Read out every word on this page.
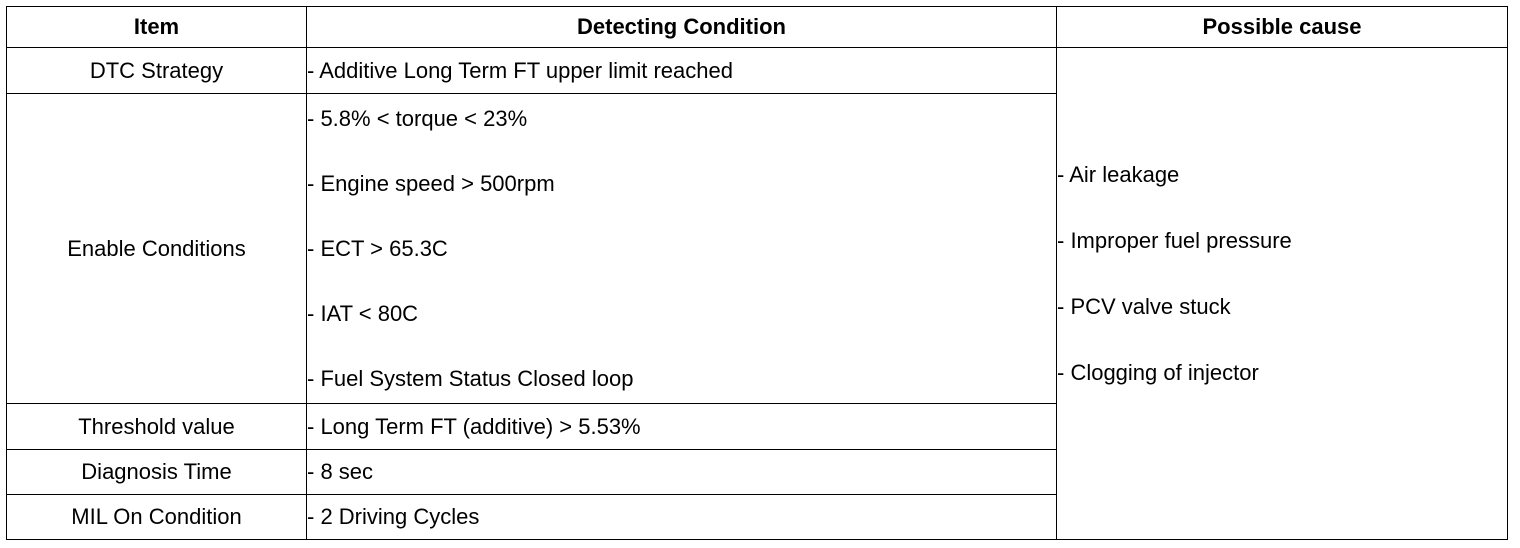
Item	Detecting Condition	Possible cause
DTC Strategy	- Additive Long Term FT upper limit reached	- Air leakage
- Improper fuel pressure
- PCV valve stuck
- Clogging of injector

Enable Conditions	- 5.8% < torque < 23%
- Engine speed > 500rpm
- ECT > 65.3C
- IAT < 80C
- Fuel System Status Closed loop	

Threshold value	- Long Term FT (additive) > 5.53%	
Diagnosis Time	- 8 sec	
MIL On Condition	- 2 Driving Cycles	
